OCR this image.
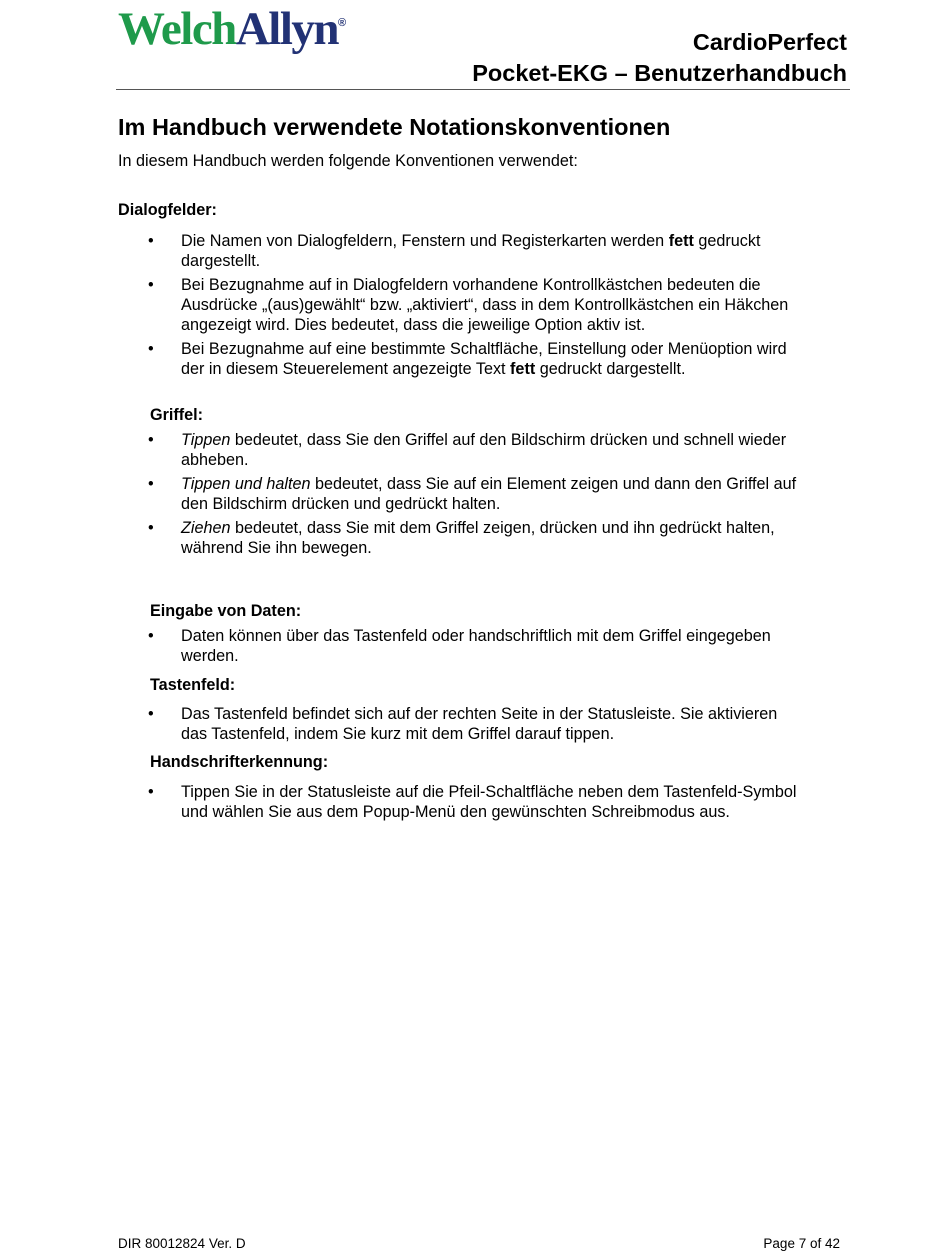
WelchAllyn®
CardioPerfect
Pocket-EKG – Benutzerhandbuch
Im Handbuch verwendete Notationskonventionen
In diesem Handbuch werden folgende Konventionen verwendet:
Dialogfelder:
• Die Namen von Dialogfeldern, Fenstern und Registerkarten werden fett gedruckt
dargestellt.
• Bei Bezugnahme auf in Dialogfeldern vorhandene Kontrollkästchen bedeuten die
Ausdrücke „(aus)gewählt“ bzw. „aktiviert“, dass in dem Kontrollkästchen ein Häkchen
angezeigt wird. Dies bedeutet, dass die jeweilige Option aktiv ist.
• Bei Bezugnahme auf eine bestimmte Schaltfläche, Einstellung oder Menüoption wird
der in diesem Steuerelement angezeigte Text fett gedruckt dargestellt.
Griffel:
• Tippen bedeutet, dass Sie den Griffel auf den Bildschirm drücken und schnell wieder
abheben.
• Tippen und halten bedeutet, dass Sie auf ein Element zeigen und dann den Griffel auf
den Bildschirm drücken und gedrückt halten.
• Ziehen bedeutet, dass Sie mit dem Griffel zeigen, drücken und ihn gedrückt halten,
während Sie ihn bewegen.
Eingabe von Daten:
• Daten können über das Tastenfeld oder handschriftlich mit dem Griffel eingegeben
werden.
Tastenfeld:
• Das Tastenfeld befindet sich auf der rechten Seite in der Statusleiste. Sie aktivieren
das Tastenfeld, indem Sie kurz mit dem Griffel darauf tippen.
Handschrifterkennung:
• Tippen Sie in der Statusleiste auf die Pfeil-Schaltfläche neben dem Tastenfeld-Symbol
und wählen Sie aus dem Popup-Menü den gewünschten Schreibmodus aus.
DIR 80012824 Ver. D	Page 7 of 42
